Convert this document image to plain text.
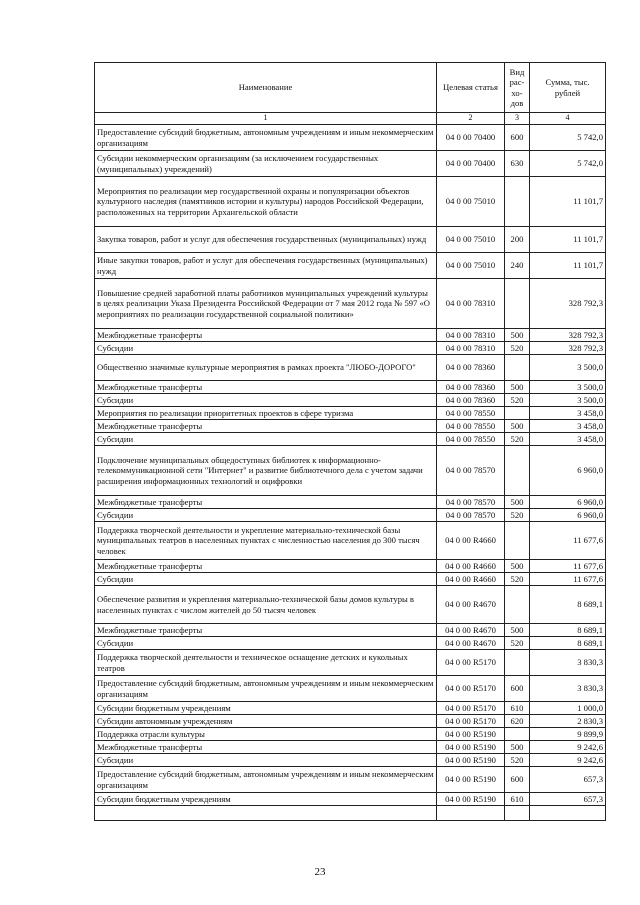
Наименование	Целевая статья	Вид рас-хо-дов	Сумма, тыс. рублей
1	2	3	4
Предоставление субсидий бюджетным, автономным учреждениям и иным некоммерческим организациям	04 0 00 70400	600	5 742,0
Субсидии некоммерческим организациям (за исключением государственных (муниципальных) учреждений)	04 0 00 70400	630	5 742,0
Мероприятия по реализации мер государственной охраны и популяризации объектов культурного наследия (памятников истории и культуры) народов Российской Федерации, расположенных на территории Архангельской области	04 0 00 75010		11 101,7
Закупка товаров, работ и услуг для обеспечения государственных (муниципальных) нужд	04 0 00 75010	200	11 101,7
Иные закупки товаров, работ и услуг для обеспечения государственных (муниципальных) нужд	04 0 00 75010	240	11 101,7
Повышение средней заработной платы работников муниципальных учреждений культуры в целях реализации Указа Президента Российской Федерации от 7 мая 2012 года № 597 «О мероприятиях по реализации государственной социальной политики»	04 0 00 78310		328 792,3
Межбюджетные трансферты	04 0 00 78310	500	328 792,3
Субсидии	04 0 00 78310	520	328 792,3
Общественно значимые культурные мероприятия в рамках проекта "ЛЮБО-ДОРОГО"	04 0 00 78360		3 500,0
Межбюджетные трансферты	04 0 00 78360	500	3 500,0
Субсидии	04 0 00 78360	520	3 500,0
Мероприятия по реализации приоритетных проектов в сфере туризма	04 0 00 78550		3 458,0
Межбюджетные трансферты	04 0 00 78550	500	3 458,0
Субсидии	04 0 00 78550	520	3 458,0
Подключение муниципальных общедоступных библиотек к информационно-телекоммуникационной сети "Интернет" и развитие библиотечного дела с учетом задачи расширения информационных технологий и оцифровки	04 0 00 78570		6 960,0
Межбюджетные трансферты	04 0 00 78570	500	6 960,0
Субсидии	04 0 00 78570	520	6 960,0
Поддержка творческой деятельности и укрепление материально-технической базы муниципальных театров в населенных пунктах с численностью населения до 300 тысяч человек	04 0 00 R4660		11 677,6
Межбюджетные трансферты	04 0 00 R4660	500	11 677,6
Субсидии	04 0 00 R4660	520	11 677,6
Обеспечение развития и укрепления материально-технической базы домов культуры в населенных пунктах с числом жителей до 50 тысяч человек	04 0 00 R4670		8 689,1
Межбюджетные трансферты	04 0 00 R4670	500	8 689,1
Субсидии	04 0 00 R4670	520	8 689,1
Поддержка творческой деятельности и техническое оснащение детских и кукольных театров	04 0 00 R5170		3 830,3
Предоставление субсидий бюджетным, автономным учреждениям и иным некоммерческим организациям	04 0 00 R5170	600	3 830,3
Субсидии бюджетным учреждениям	04 0 00 R5170	610	1 000,0
Субсидии автономным учреждениям	04 0 00 R5170	620	2 830,3
Поддержка отрасли культуры	04 0 00 R5190		9 899,9
Межбюджетные трансферты	04 0 00 R5190	500	9 242,6
Субсидии	04 0 00 R5190	520	9 242,6
Предоставление субсидий бюджетным, автономным учреждениям и иным некоммерческим организациям	04 0 00 R5190	600	657,3
Субсидии бюджетным учреждениям	04 0 00 R5190	610	657,3

23
